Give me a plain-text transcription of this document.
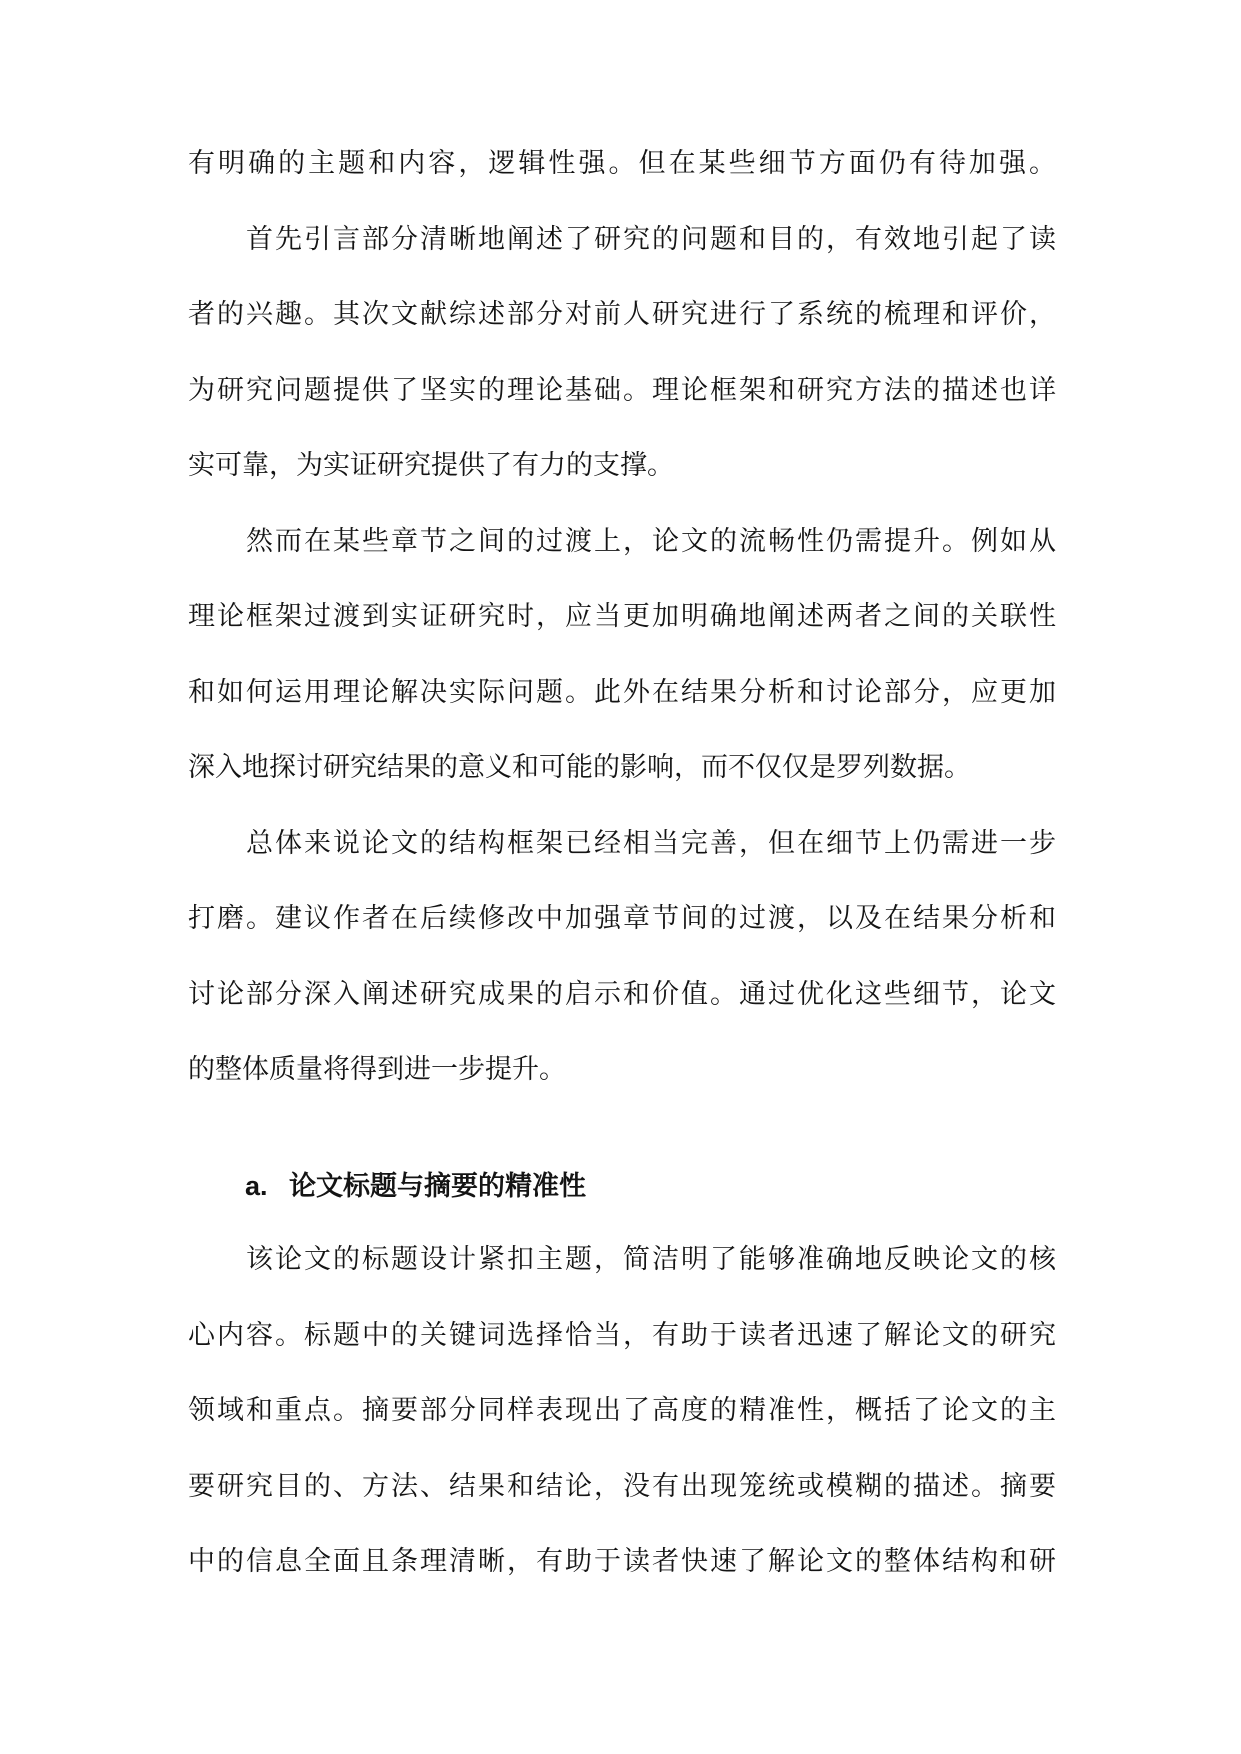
有明确的主题和内容，逻辑性强。但在某些细节方面仍有待加强。
首先引言部分清晰地阐述了研究的问题和目的，有效地引起了读
者的兴趣。其次文献综述部分对前人研究进行了系统的梳理和评价，
为研究问题提供了坚实的理论基础。理论框架和研究方法的描述也详
实可靠，为实证研究提供了有力的支撑。
然而在某些章节之间的过渡上，论文的流畅性仍需提升。例如从
理论框架过渡到实证研究时，应当更加明确地阐述两者之间的关联性
和如何运用理论解决实际问题。此外在结果分析和讨论部分，应更加
深入地探讨研究结果的意义和可能的影响，而不仅仅是罗列数据。
总体来说论文的结构框架已经相当完善，但在细节上仍需进一步
打磨。建议作者在后续修改中加强章节间的过渡，以及在结果分析和
讨论部分深入阐述研究成果的启示和价值。通过优化这些细节，论文
的整体质量将得到进一步提升。
a. 论文标题与摘要的精准性
该论文的标题设计紧扣主题，简洁明了能够准确地反映论文的核
心内容。标题中的关键词选择恰当，有助于读者迅速了解论文的研究
领域和重点。摘要部分同样表现出了高度的精准性，概括了论文的主
要研究目的、方法、结果和结论，没有出现笼统或模糊的描述。摘要
中的信息全面且条理清晰，有助于读者快速了解论文的整体结构和研
